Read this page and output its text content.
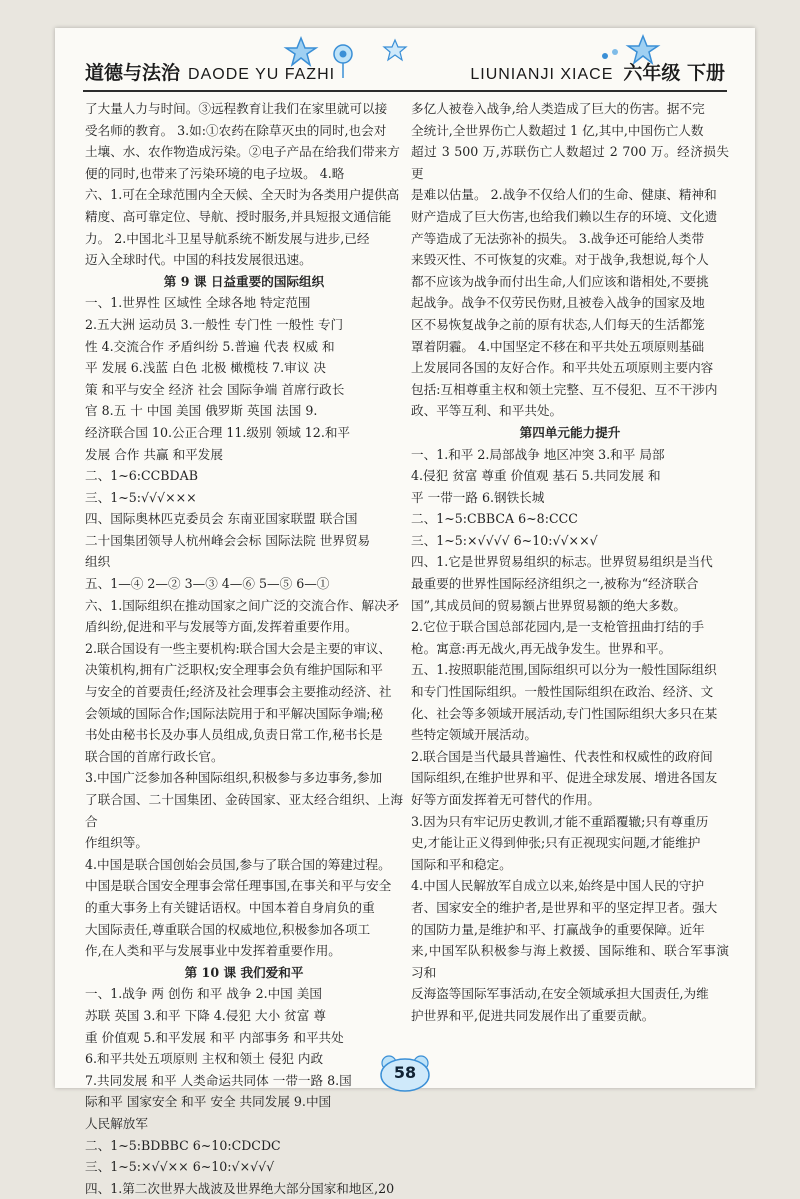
道德与法治 DAODE YU FAZHI	LIUNIANJI XIACE 六年级 下册

了大量人力与时间。③远程教育让我们在家里就可以接

受名师的教育。 3.如:①农药在除草灭虫的同时,也会对

土壤、水、农作物造成污染。②电子产品在给我们带来方

便的同时,也带来了污染环境的电子垃圾。 4.略

六、1.可在全球范围内全天候、全天时为各类用户提供高

精度、高可靠定位、导航、授时服务,并具短报文通信能

力。 2.中国北斗卫星导航系统不断发展与进步,已经

迈入全球时代。中国的科技发展很迅速。

第 9 课 日益重要的国际组织

一、1.世界性 区域性 全球各地 特定范围

2.五大洲 运动员 3.一般性 专门性 一般性 专门

性 4.交流合作 矛盾纠纷 5.普遍 代表 权威 和

平 发展 6.浅蓝 白色 北极 橄榄枝 7.审议 决

策 和平与安全 经济 社会 国际争端 首席行政长

官 8.五 十 中国 美国 俄罗斯 英国 法国 9.

经济联合国 10.公正合理 11.级别 领域 12.和平

发展 合作 共赢 和平发展

二、1~6:CCBDAB

三、1~5:√√√×××

四、国际奥林匹克委员会 东南亚国家联盟 联合国

二十国集团领导人杭州峰会会标 国际法院 世界贸易

组织

五、1—④ 2—② 3—③ 4—⑥ 5—⑤ 6—①

六、1.国际组织在推动国家之间广泛的交流合作、解决矛

盾纠纷,促进和平与发展等方面,发挥着重要作用。

2.联合国设有一些主要机构:联合国大会是主要的审议、

决策机构,拥有广泛职权;安全理事会负有维护国际和平

与安全的首要责任;经济及社会理事会主要推动经济、社

会领域的国际合作;国际法院用于和平解决国际争端;秘

书处由秘书长及办事人员组成,负责日常工作,秘书长是

联合国的首席行政长官。

3.中国广泛参加各种国际组织,积极参与多边事务,参加

了联合国、二十国集团、金砖国家、亚太经合组织、上海合

作组织等。

4.中国是联合国创始会员国,参与了联合国的筹建过程。

中国是联合国安全理事会常任理事国,在事关和平与安全

的重大事务上有关键话语权。中国本着自身肩负的重

大国际责任,尊重联合国的权威地位,积极参加各项工

作,在人类和平与发展事业中发挥着重要作用。

第 10 课 我们爱和平

一、1.战争 两 创伤 和平 战争 2.中国 美国

苏联 英国 3.和平 下降 4.侵犯 大小 贫富 尊

重 价值观 5.和平发展 和平 内部事务 和平共处

6.和平共处五项原则 主权和领土 侵犯 内政

7.共同发展 和平 人类命运共同体 一带一路 8.国

际和平 国家安全 和平 安全 共同发展 9.中国

人民解放军

二、1~5:BDBBC 6~10:CDCDC

三、1~5:×√√×× 6~10:√×√√√

四、1.第二次世界大战波及世界绝大部分国家和地区,20

多亿人被卷入战争,给人类造成了巨大的伤害。据不完

全统计,全世界伤亡人数超过 1 亿,其中,中国伤亡人数

超过 3 500 万,苏联伤亡人数超过 2 700 万。经济损失更

是难以估量。 2.战争不仅给人们的生命、健康、精神和

财产造成了巨大伤害,也给我们赖以生存的环境、文化遗

产等造成了无法弥补的损失。 3.战争还可能给人类带

来毁灭性、不可恢复的灾难。对于战争,我想说,每个人

都不应该为战争而付出生命,人们应该和谐相处,不要挑

起战争。战争不仅劳民伤财,且被卷入战争的国家及地

区不易恢复战争之前的原有状态,人们每天的生活都笼

罩着阴霾。 4.中国坚定不移在和平共处五项原则基础

上发展同各国的友好合作。和平共处五项原则主要内容

包括:互相尊重主权和领土完整、互不侵犯、互不干涉内

政、平等互利、和平共处。

第四单元能力提升

一、1.和平 2.局部战争 地区冲突 3.和平 局部

4.侵犯 贫富 尊重 价值观 基石 5.共同发展 和

平 一带一路 6.钢铁长城

二、1~5:CBBCA 6~8:CCC

三、1~5:×√√√√ 6~10:√√××√

四、1.它是世界贸易组织的标志。世界贸易组织是当代

最重要的世界性国际经济组织之一,被称为“经济联合

国”,其成员间的贸易额占世界贸易额的绝大多数。

2.它位于联合国总部花园内,是一支枪管扭曲打结的手

枪。寓意:再无战火,再无战争发生。世界和平。

五、1.按照职能范围,国际组织可以分为一般性国际组织

和专门性国际组织。一般性国际组织在政治、经济、文

化、社会等多领域开展活动,专门性国际组织大多只在某

些特定领域开展活动。

2.联合国是当代最具普遍性、代表性和权威性的政府间

国际组织,在维护世界和平、促进全球发展、增进各国友

好等方面发挥着无可替代的作用。

3.因为只有牢记历史教训,才能不重蹈覆辙;只有尊重历

史,才能让正义得到伸张;只有正视现实问题,才能维护

国际和平和稳定。

4.中国人民解放军自成立以来,始终是中国人民的守护

者、国家安全的维护者,是世界和平的坚定捍卫者。强大

的国防力量,是维护和平、打赢战争的重要保障。近年

来,中国军队积极参与海上救援、国际维和、联合军事演习和

反海盗等国际军事活动,在安全领域承担大国责任,为维

护世界和平,促进共同发展作出了重要贡献。

58
